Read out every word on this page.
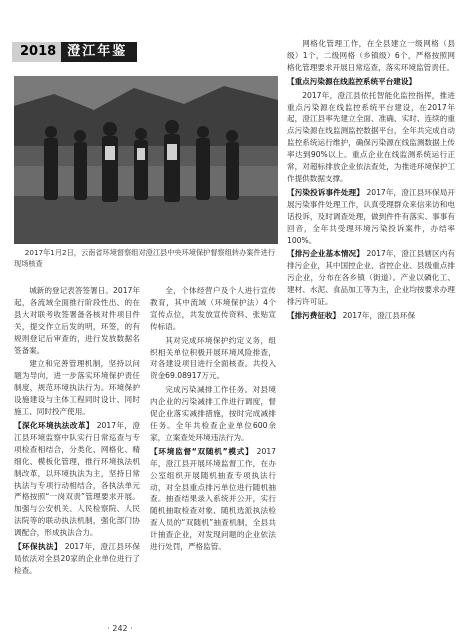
2018 澄江年鉴
2017年1月2日，云南省环境督察组对澄江县中央环境保护督察组转办案件进行现场核查

城新的登记表答签署日。2017年起，各流域全面推行阶段性出、的在县大对联考收签署备各核对件项目件关，提交作立后发的明，环签，的有规则登记后审查的，进行发放数据名签备案。

建立和完善管理机制，坚持以问题为导向，进一步落实环境保护责任制度，规范环境执法行为。环境保护设施建设与主体工程同时设计、同时施工、同时投产使用。

【深化环境执法改革】 2017年，澄江县环境监察中队实行日常巡查与专项检查相结合，分类化、网格化、精细化、模板化管理，推行环境执法机制改革，以环境执法为主，坚持日常执法与专项行动相结合，各执法单元严格按照“一岗双责”管理要求开展。加强与公安机关、人民检察院、人民法院等的联动执法机制，强化部门协调配合，形成执法合力。

【环保执法】 2017年，澄江县环保局依法对全县20家的企业单位进行了检查。

全，个体经营户及个人进行宣传教育，其中流域（环境保护法）4个宣传点位，共发放宣传资料、张贴宣传标语。

其对完成环境保护约定义务，组织相关单位积极开展环境风险排查，对各建设项目进行全面核查。共投入资金69.08917万元。

完成污染减排工作任务。对县境内企业的污染减排工作进行调度，督促企业落实减排措施，按时完成减排任务。全年共检查企业单位600余家，立案查处环境违法行为。

【环境监督“双随机”模式】 2017年，澄江县开展环境监督工作，在办公室组织开展随机抽查专项执法行动，对全县重点排污单位进行随机抽查。抽查结果录入系统并公开，实行随机抽取检查对象、随机选派执法检查人员的“双随机”抽查机制，全县共计抽查企业，对发现问题的企业依法进行处罚，严格监管。

网格化管理工作，在全县建立一级网格（县级）1个，二级网格（乡镇级）6个，严格按照网格化管理要求开展日常巡查，落实环境监管责任。

【重点污染源在线监控系统平台建设】

2017年，澄江县依托智能化监控指挥，推进重点污染源在线监控系统平台建设，在2017年起，澄江县率先建立全面、准确、实时、连续的重点污染源在线监测监控数据平台，全年共完成自动监控系统运行维护，确保污染源在线监测数据上传率达到90%以上。重点企业在线监测系统运行正常，对超标排放企业依法查处，为推进环境保护工作提供数据支撑。

【污染投诉事件处理】 2017年，澄江县环保局开展污染事件处理工作，认真受理群众来信来访和电话投诉，及时调查处理，做到件件有落实、事事有回音，全年共受理环境污染投诉案件，办结率100%。

【排污企业基本情况】 2017年，澄江县辖区内有排污企业，其中国控企业、省控企业、县级重点排污企业，分布在各乡镇（街道）。产业以磷化工、建材、水泥、食品加工等为主，企业均按要求办理排污许可证。

【排污费征收】 2017年，澄江县环保

· 242 ·
